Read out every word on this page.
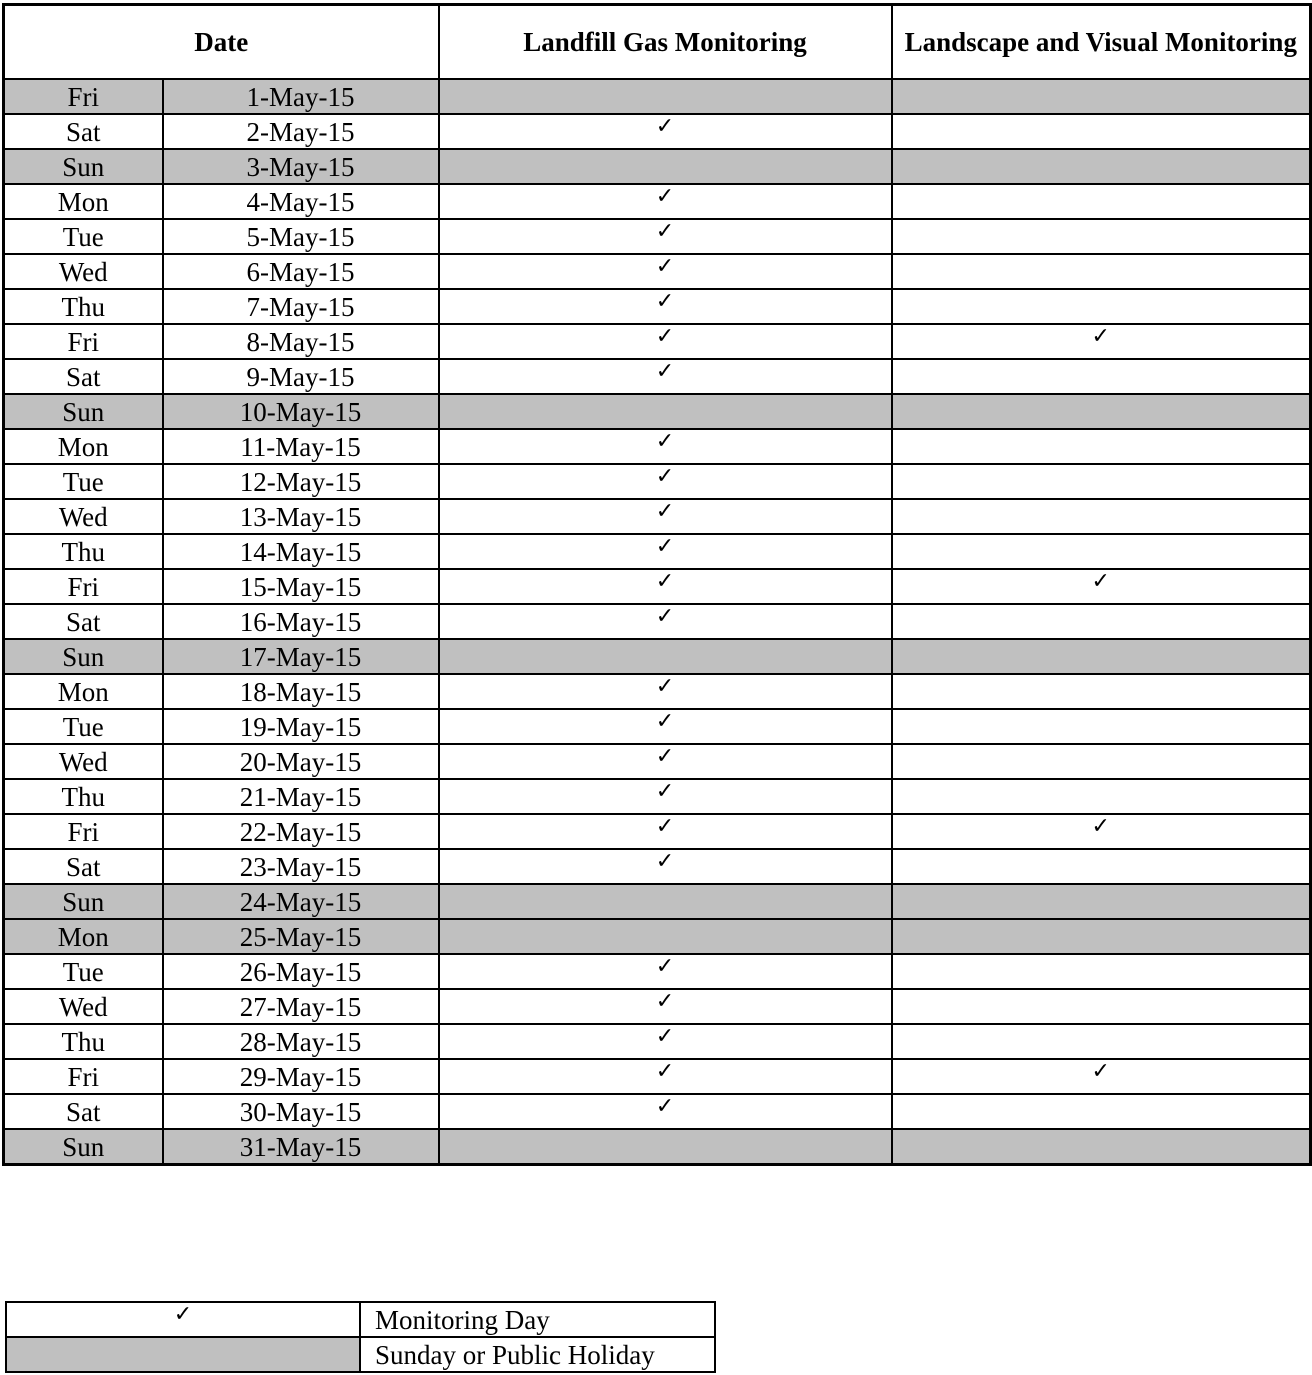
Date		Landfill Gas Monitoring	Landscape and Visual Monitoring
Fri	1-May-15		
Sat	2-May-15	✓	
Sun	3-May-15		
Mon	4-May-15	✓	
Tue	5-May-15	✓	
Wed	6-May-15	✓	
Thu	7-May-15	✓	
Fri	8-May-15	✓	✓
Sat	9-May-15	✓	
Sun	10-May-15		
Mon	11-May-15	✓	
Tue	12-May-15	✓	
Wed	13-May-15	✓	
Thu	14-May-15	✓	
Fri	15-May-15	✓	✓
Sat	16-May-15	✓	
Sun	17-May-15		
Mon	18-May-15	✓	
Tue	19-May-15	✓	
Wed	20-May-15	✓	
Thu	21-May-15	✓	
Fri	22-May-15	✓	✓
Sat	23-May-15	✓	
Sun	24-May-15		
Mon	25-May-15		
Tue	26-May-15	✓	
Wed	27-May-15	✓	
Thu	28-May-15	✓	
Fri	29-May-15	✓	✓
Sat	30-May-15	✓	
Sun	31-May-15		
✓	Monitoring Day
	Sunday or Public Holiday
